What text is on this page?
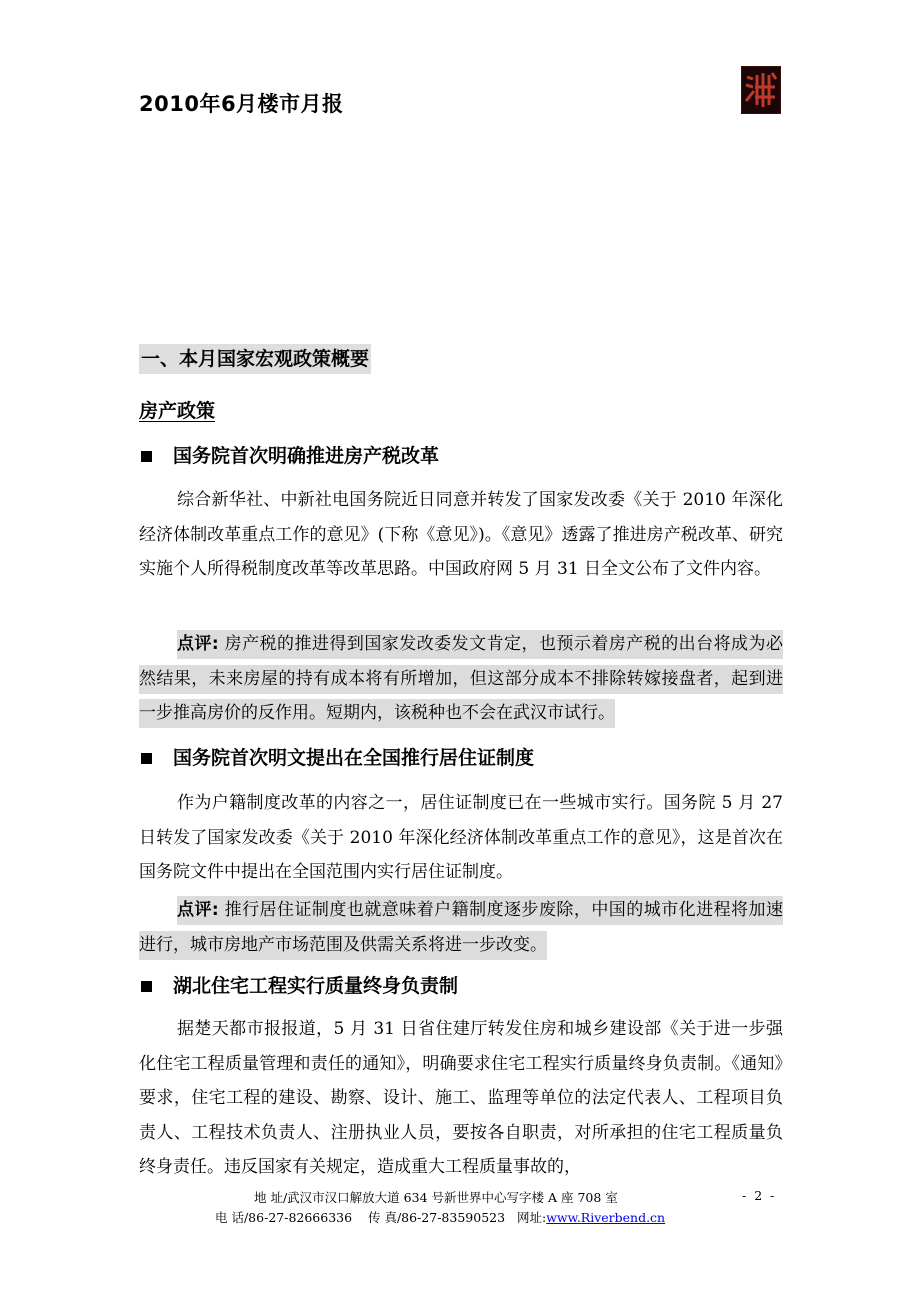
2010年6月楼市月报
一、本月国家宏观政策概要
房产政策
国务院首次明确推进房产税改革

综合新华社、中新社电国务院近日同意并转发了国家发改委《关于 2010 年深化经济体制改革重点工作的意见》(下称《意见》)。《意见》透露了推进房产税改革、研究实施个人所得税制度改革等改革思路。中国政府网 5 月 31 日全文公布了文件内容。

点评: 房产税的推进得到国家发改委发文肯定，也预示着房产税的出台将成为必然结果，未来房屋的持有成本将有所增加，但这部分成本不排除转嫁接盘者，起到进一步推高房价的反作用。短期内，该税种也不会在武汉市试行。

国务院首次明文提出在全国推行居住证制度

作为户籍制度改革的内容之一，居住证制度已在一些城市实行。国务院 5 月 27 日转发了国家发改委《关于 2010 年深化经济体制改革重点工作的意见》，这是首次在国务院文件中提出在全国范围内实行居住证制度。

点评: 推行居住证制度也就意味着户籍制度逐步废除，中国的城市化进程将加速进行，城市房地产市场范围及供需关系将进一步改变。

湖北住宅工程实行质量终身负责制

据楚天都市报报道，5 月 31 日省住建厅转发住房和城乡建设部《关于进一步强化住宅工程质量管理和责任的通知》，明确要求住宅工程实行质量终身负责制。《通知》要求，住宅工程的建设、勘察、设计、施工、监理等单位的法定代表人、工程项目负责人、工程技术负责人、注册执业人员，要按各自职责，对所承担的住宅工程质量负终身责任。违反国家有关规定，造成重大工程质量事故的，

地 址/武汉市汉口解放大道 634 号新世界中心写字楼 A 座 708 室	- 2 -
电 话/86-27-82666336 传 真/86-27-83590523 网址:www.Riverbend.cn
